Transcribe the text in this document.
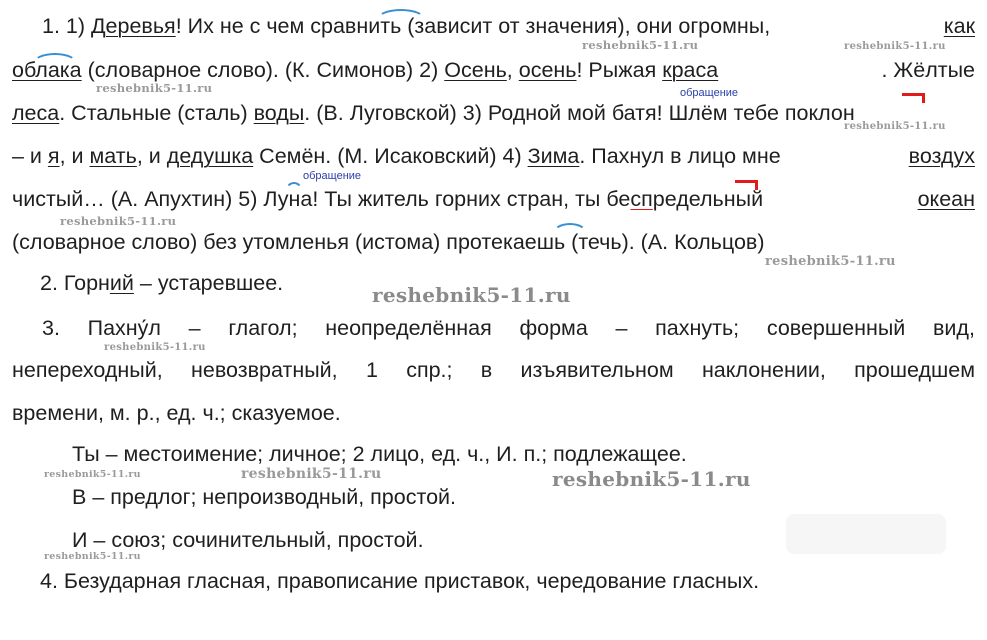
1. 1) Деревья! Их не с чем сравнить (зависит от значения), они огромны,	как
облака (словарное слово). (К. Симонов) 2) Осень, осень! Рыжая краса	. Жёлтые
леса. Стальные (сталь) воды. (В. Луговской) 3) Родной мой батя! Шлём тебе поклон
– и я, и мать, и дедушка Семён. (М. Исаковский) 4) Зима. Пахнул в лицо мне	воздух
чистый… (А. Апухтин) 5) Луна! Ты житель горних стран, ты беспредельный	океан
(словарное слово) без утомленья (истома) протекаешь (течь). (А. Кольцов)
2. Горний – устаревшее.
3. Пахну́л – глагол; неопределённая форма – пахнуть; совершенный вид,
непереходный, невозвратный, 1 спр.; в изъявительном наклонении, прошедшем
времени, м. р., ед. ч.; сказуемое.
Ты – местоимение; личное; 2 лицо, ед. ч., И. п.; подлежащее.
В – предлог; непроизводный, простой.
И – союз; сочинительный, простой.
4. Безударная гласная, правописание приставок, чередование гласных.
обращение
обращение
reshebnik5-11.ru	reshebnik5-11.ru
reshebnik5-11.ru
reshebnik5-11.ru
reshebnik5-11.ru
reshebnik5-11.ru
reshebnik5-11.ru
reshebnik5-11.ru
reshebnik5-11.ru	reshebnik5-11.ru	reshebnik5-11.ru
reshebnik5-11.ru
